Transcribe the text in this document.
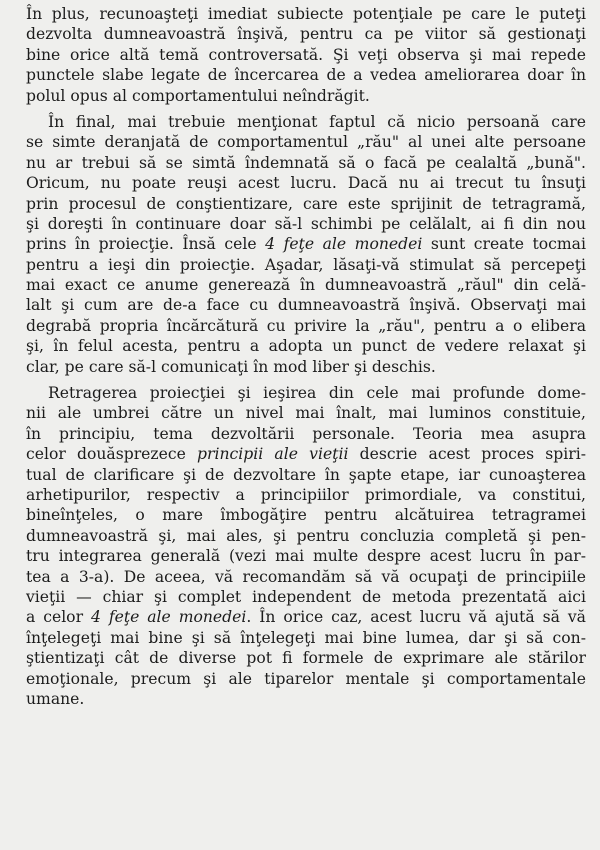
În plus, recunoaşteţi imediat subiecte potenţiale pe care le puteţi
dezvolta dumneavoastră înşivă, pentru ca pe viitor să gestionaţi
bine orice altă temă controversată. Şi veţi observa şi mai repede
punctele slabe legate de încercarea de a vedea ameliorarea doar în
polul opus al comportamentului neîndrăgit.
În final, mai trebuie menţionat faptul că nicio persoană care
se simte deranjată de comportamentul „rău" al unei alte persoane
nu ar trebui să se simtă îndemnată să o facă pe cealaltă „bună".
Oricum, nu poate reuşi acest lucru. Dacă nu ai trecut tu însuţi
prin procesul de conştientizare, care este sprijinit de tetragramă,
şi doreşti în continuare doar să-l schimbi pe celălalt, ai fi din nou
prins în proiecţie. Însă cele 4 feţe ale monedei sunt create tocmai
pentru a ieşi din proiecţie. Aşadar, lăsaţi-vă stimulat să percepeţi
mai exact ce anume generează în dumneavoastră „răul" din celă-
lalt şi cum are de-a face cu dumneavoastră înşivă. Observaţi mai
degrabă propria încărcătură cu privire la „rău", pentru a o elibera
şi, în felul acesta, pentru a adopta un punct de vedere relaxat şi
clar, pe care să-l comunicaţi în mod liber şi deschis.
Retragerea proiecţiei şi ieşirea din cele mai profunde dome-
nii ale umbrei către un nivel mai înalt, mai luminos constituie,
în principiu, tema dezvoltării personale. Teoria mea asupra
celor douăsprezece principii ale vieţii descrie acest proces spiri-
tual de clarificare şi de dezvoltare în şapte etape, iar cunoaşterea
arhetipurilor, respectiv a principiilor primordiale, va constitui,
bineînţeles, o mare îmbogăţire pentru alcătuirea tetragramei
dumneavoastră şi, mai ales, şi pentru concluzia completă şi pen-
tru integrarea generală (vezi mai multe despre acest lucru în par-
tea a 3-a). De aceea, vă recomandăm să vă ocupaţi de principiile
vieţii — chiar şi complet independent de metoda prezentată aici
a celor 4 feţe ale monedei. În orice caz, acest lucru vă ajută să vă
înţelegeţi mai bine şi să înţelegeţi mai bine lumea, dar şi să con-
ştientizaţi cât de diverse pot fi formele de exprimare ale stărilor
emoţionale, precum şi ale tiparelor mentale şi comportamentale
umane.
